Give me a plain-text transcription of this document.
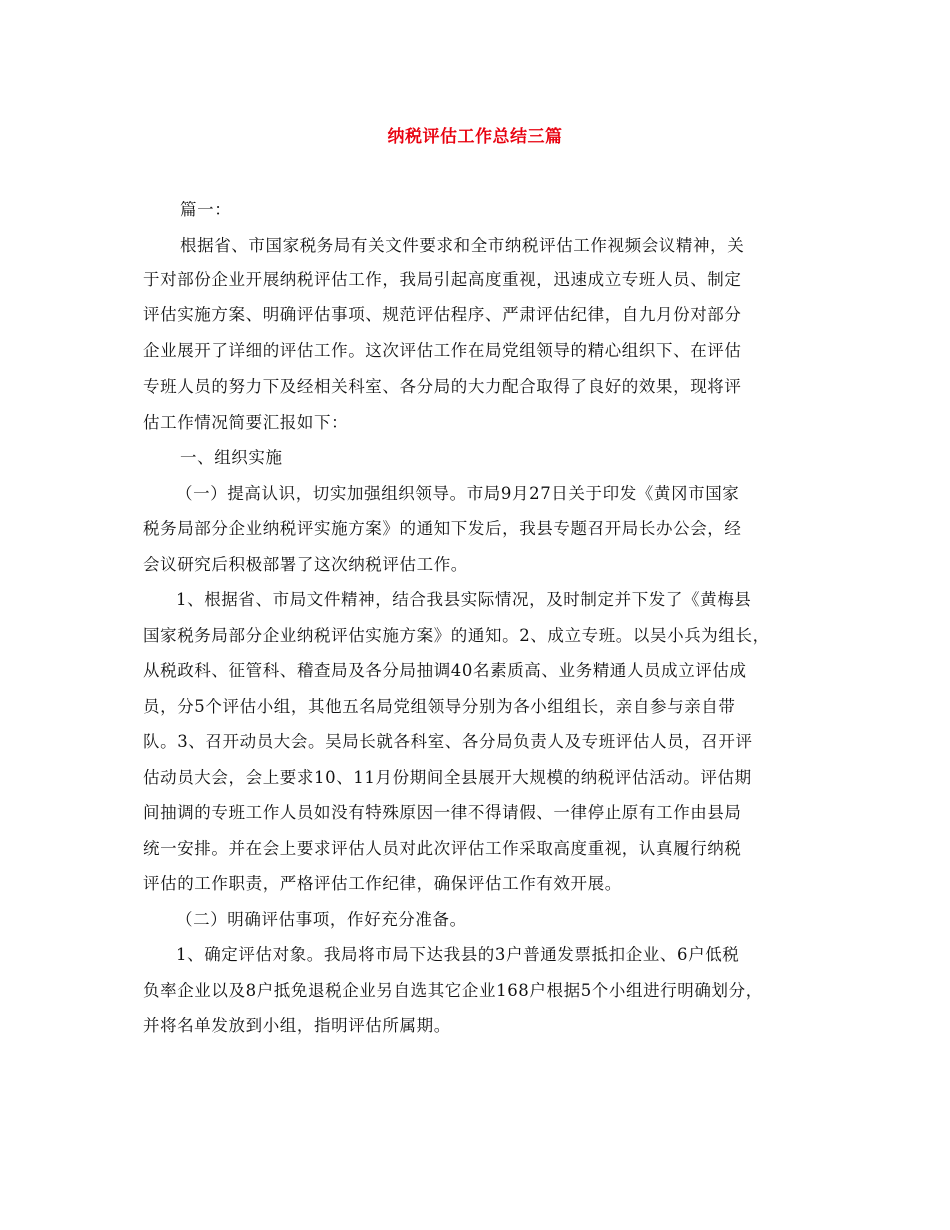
纳税评估工作总结三篇
篇一：
根据省、市国家税务局有关文件要求和全市纳税评估工作视频会议精神，关
于对部份企业开展纳税评估工作，我局引起高度重视，迅速成立专班人员、制定
评估实施方案、明确评估事项、规范评估程序、严肃评估纪律，自九月份对部分
企业展开了详细的评估工作。这次评估工作在局党组领导的精心组织下、在评估
专班人员的努力下及经相关科室、各分局的大力配合取得了良好的效果，现将评
估工作情况简要汇报如下：
一、组织实施
（一）提高认识，切实加强组织领导。市局9月27日关于印发《黄冈市国家
税务局部分企业纳税评实施方案》的通知下发后，我县专题召开局长办公会，经
会议研究后积极部署了这次纳税评估工作。
1、根据省、市局文件精神，结合我县实际情况，及时制定并下发了《黄梅县
国家税务局部分企业纳税评估实施方案》的通知。2、成立专班。以吴小兵为组长，
从税政科、征管科、稽查局及各分局抽调40名素质高、业务精通人员成立评估成
员，分5个评估小组，其他五名局党组领导分别为各小组组长，亲自参与亲自带
队。3、召开动员大会。吴局长就各科室、各分局负责人及专班评估人员，召开评
估动员大会，会上要求10、11月份期间全县展开大规模的纳税评估活动。评估期
间抽调的专班工作人员如没有特殊原因一律不得请假、一律停止原有工作由县局
统一安排。并在会上要求评估人员对此次评估工作采取高度重视，认真履行纳税
评估的工作职责，严格评估工作纪律，确保评估工作有效开展。
（二）明确评估事项，作好充分准备。
1、确定评估对象。我局将市局下达我县的3户普通发票抵扣企业、6户低税
负率企业以及8户抵免退税企业另自选其它企业168户根据5个小组进行明确划分，
并将名单发放到小组，指明评估所属期。
